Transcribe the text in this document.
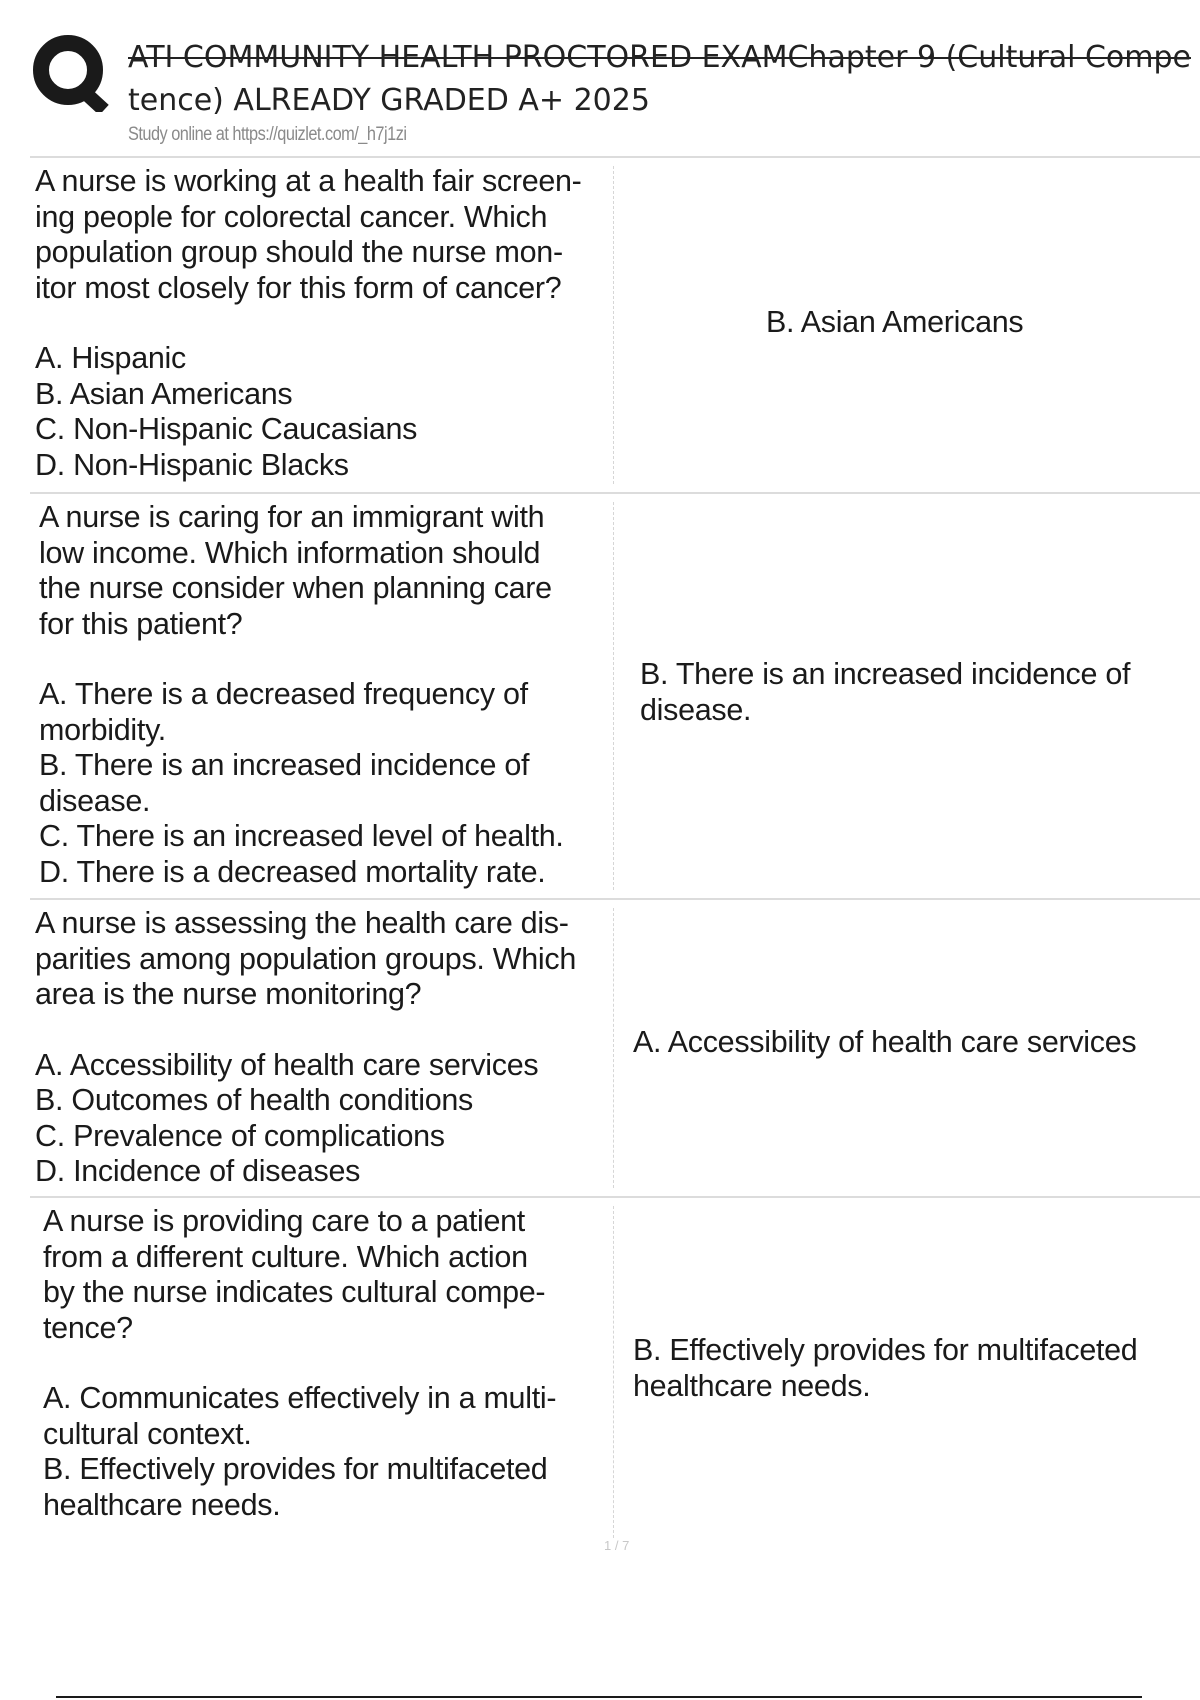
ATI COMMUNITY HEALTH PROCTORED EXAMChapter 9 (Cultural Compe
tence) ALREADY GRADED A+ 2025

Study online at https://quizlet.com/_h7j1zi

A nurse is working at a health fair screen-

ing people for colorectal cancer. Which

population group should the nurse mon-

itor most closely for this form of cancer?

A. Hispanic

B. Asian Americans

C. Non-Hispanic Caucasians

D. Non-Hispanic Blacks

B. Asian Americans

A nurse is caring for an immigrant with

low income. Which information should

the nurse consider when planning care

for this patient?

A. There is a decreased frequency of

morbidity.

B. There is an increased incidence of

disease.

C. There is an increased level of health.

D. There is a decreased mortality rate.

B. There is an increased incidence of

disease.

A nurse is assessing the health care dis-

parities among population groups. Which

area is the nurse monitoring?

A. Accessibility of health care services

B. Outcomes of health conditions

C. Prevalence of complications

D. Incidence of diseases

A. Accessibility of health care services

A nurse is providing care to a patient

from a different culture. Which action

by the nurse indicates cultural compe-

tence?

A. Communicates effectively in a multi-

cultural context.

B. Effectively provides for multifaceted

healthcare needs.

B. Effectively provides for multifaceted

healthcare needs.

1 / 7
